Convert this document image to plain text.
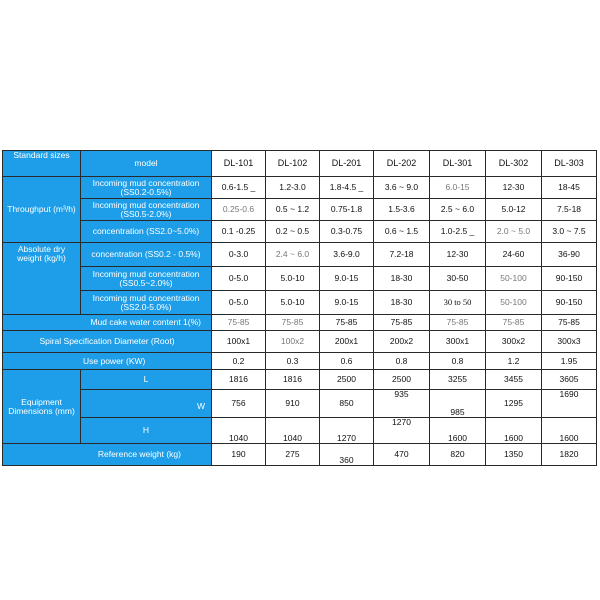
Standard sizes	model	DL-101	DL-102	DL-201	DL-202	DL-301	DL-302	DL-303
Throughput (m³/h)	Incoming mud concentration (SS0.2-0.5%)	0.6-1.5 _	1.2-3.0	1.8-4.5 _	3.6 ~ 9.0	6.0-15	12-30	18-45
	Incoming mud concentration (SS0.5-2.0%)	0.25-0.6	0.5 ~ 1.2	0.75-1.8	1.5-3.6	2.5 ~ 6.0	5.0-12	7.5-18
	concentration (SS2.0~5.0%)	0.1 -0.25	0.2 ~ 0.5	0.3-0.75	0.6 ~ 1.5	1.0-2.5 _	2.0 ~ 5.0	3.0 ~ 7.5
Absolute dry weight (kg/h)	concentration (SS0.2 - 0.5%)	0-3.0	2.4 ~ 6.0	3.6-9.0	7.2-18	12-30	24-60	36-90
	Incoming mud concentration (SS0.5~2.0%)	0-5.0	5.0-10	9.0-15	18-30	30-50	50-100	90-150
	Incoming mud concentration (SS2.0-5.0%)	0-5.0	5.0-10	9.0-15	18-30	30 to 50	50-100	90-150
Mud cake water content 1(%)		75-85	75-85	75-85	75-85	75-85	75-85	75-85
Spiral Specification Diameter (Root)		100x1	100x2	200x1	200x2	300x1	300x2	300x3
Use power (KW)		0.2	0.3	0.6	0.8	0.8	1.2	1.95
Equipment Dimensions (mm)	L	1816	1816	2500	2500	3255	3455	3605
	W	756	910	850	935	985	1295	1690
	H	1040	1040	1270	1270	1600	1600	1600
Reference weight (kg)		190	275	360	470	820	1350	1820
